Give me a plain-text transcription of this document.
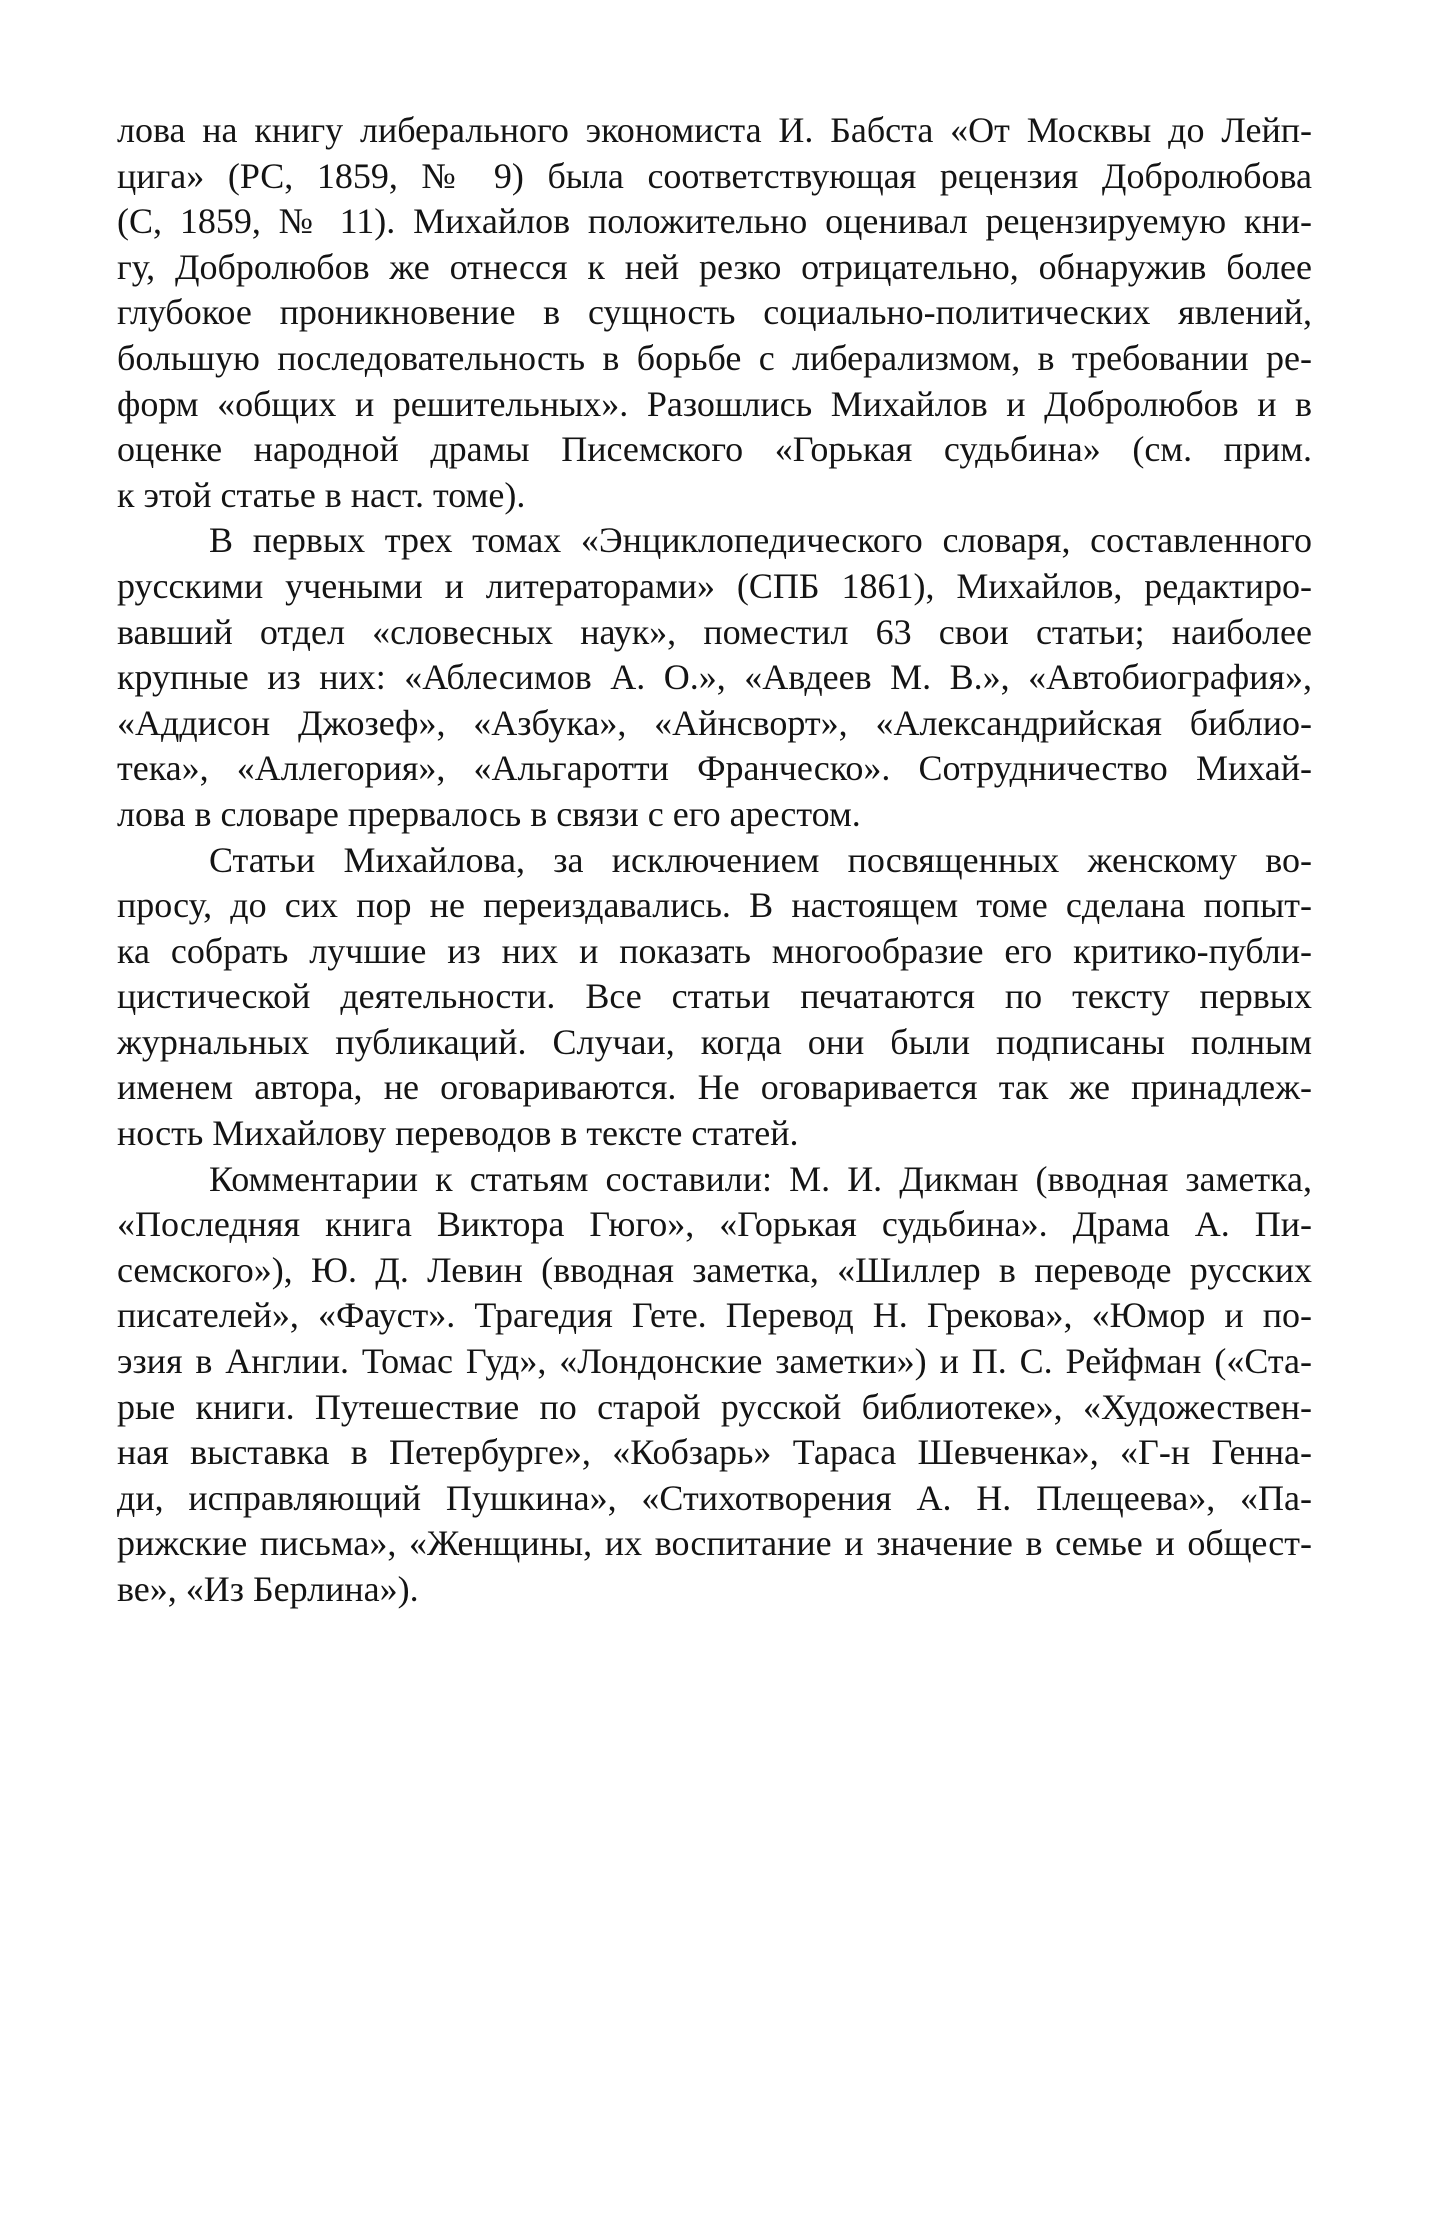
лова на книгу либерального экономиста И. Бабста «От Москвы до Лейп-
цига» (РС, 1859, № 9) была соответствующая рецензия Добролюбова
(С, 1859, № 11). Михайлов положительно оценивал рецензируемую кни-
гу, Добролюбов же отнесся к ней резко отрицательно, обнаружив более
глубокое проникновение в сущность социально-политических явлений,
большую последовательность в борьбе с либерализмом, в требовании ре-
форм «общих и решительных». Разошлись Михайлов и Добролюбов и в
оценке народной драмы Писемского «Горькая судьбина» (см. прим.
к этой статье в наст. томе).
В первых трех томах «Энциклопедического словаря, составленного
русскими учеными и литераторами» (СПБ 1861), Михайлов, редактиро-
вавший отдел «словесных наук», поместил 63 свои статьи; наиболее
крупные из них: «Аблесимов А. О.», «Авдеев М. В.», «Автобиография»,
«Аддисон Джозеф», «Азбука», «Айнсворт», «Александрийская библио-
тека», «Аллегория», «Альгаротти Франческо». Сотрудничество Михай-
лова в словаре прервалось в связи с его арестом.
Статьи Михайлова, за исключением посвященных женскому во-
просу, до сих пор не переиздавались. В настоящем томе сделана попыт-
ка собрать лучшие из них и показать многообразие его критико-публи-
цистической деятельности. Все статьи печатаются по тексту первых
журнальных публикаций. Случаи, когда они были подписаны полным
именем автора, не оговариваются. Не оговаривается так же принадлеж-
ность Михайлову переводов в тексте статей.
Комментарии к статьям составили: М. И. Дикман (вводная заметка,
«Последняя книга Виктора Гюго», «Горькая судьбина». Драма А. Пи-
семского»), Ю. Д. Левин (вводная заметка, «Шиллер в переводе русских
писателей», «Фауст». Трагедия Гете. Перевод Н. Грекова», «Юмор и по-
эзия в Англии. Томас Гуд», «Лондонские заметки») и П. С. Рейфман («Ста-
рые книги. Путешествие по старой русской библиотеке», «Художествен-
ная выставка в Петербурге», «Кобзарь» Тараса Шевченка», «Г-н Генна-
ди, исправляющий Пушкина», «Стихотворения А. Н. Плещеева», «Па-
рижские письма», «Женщины, их воспитание и значение в семье и общест-
ве», «Из Берлина»).
